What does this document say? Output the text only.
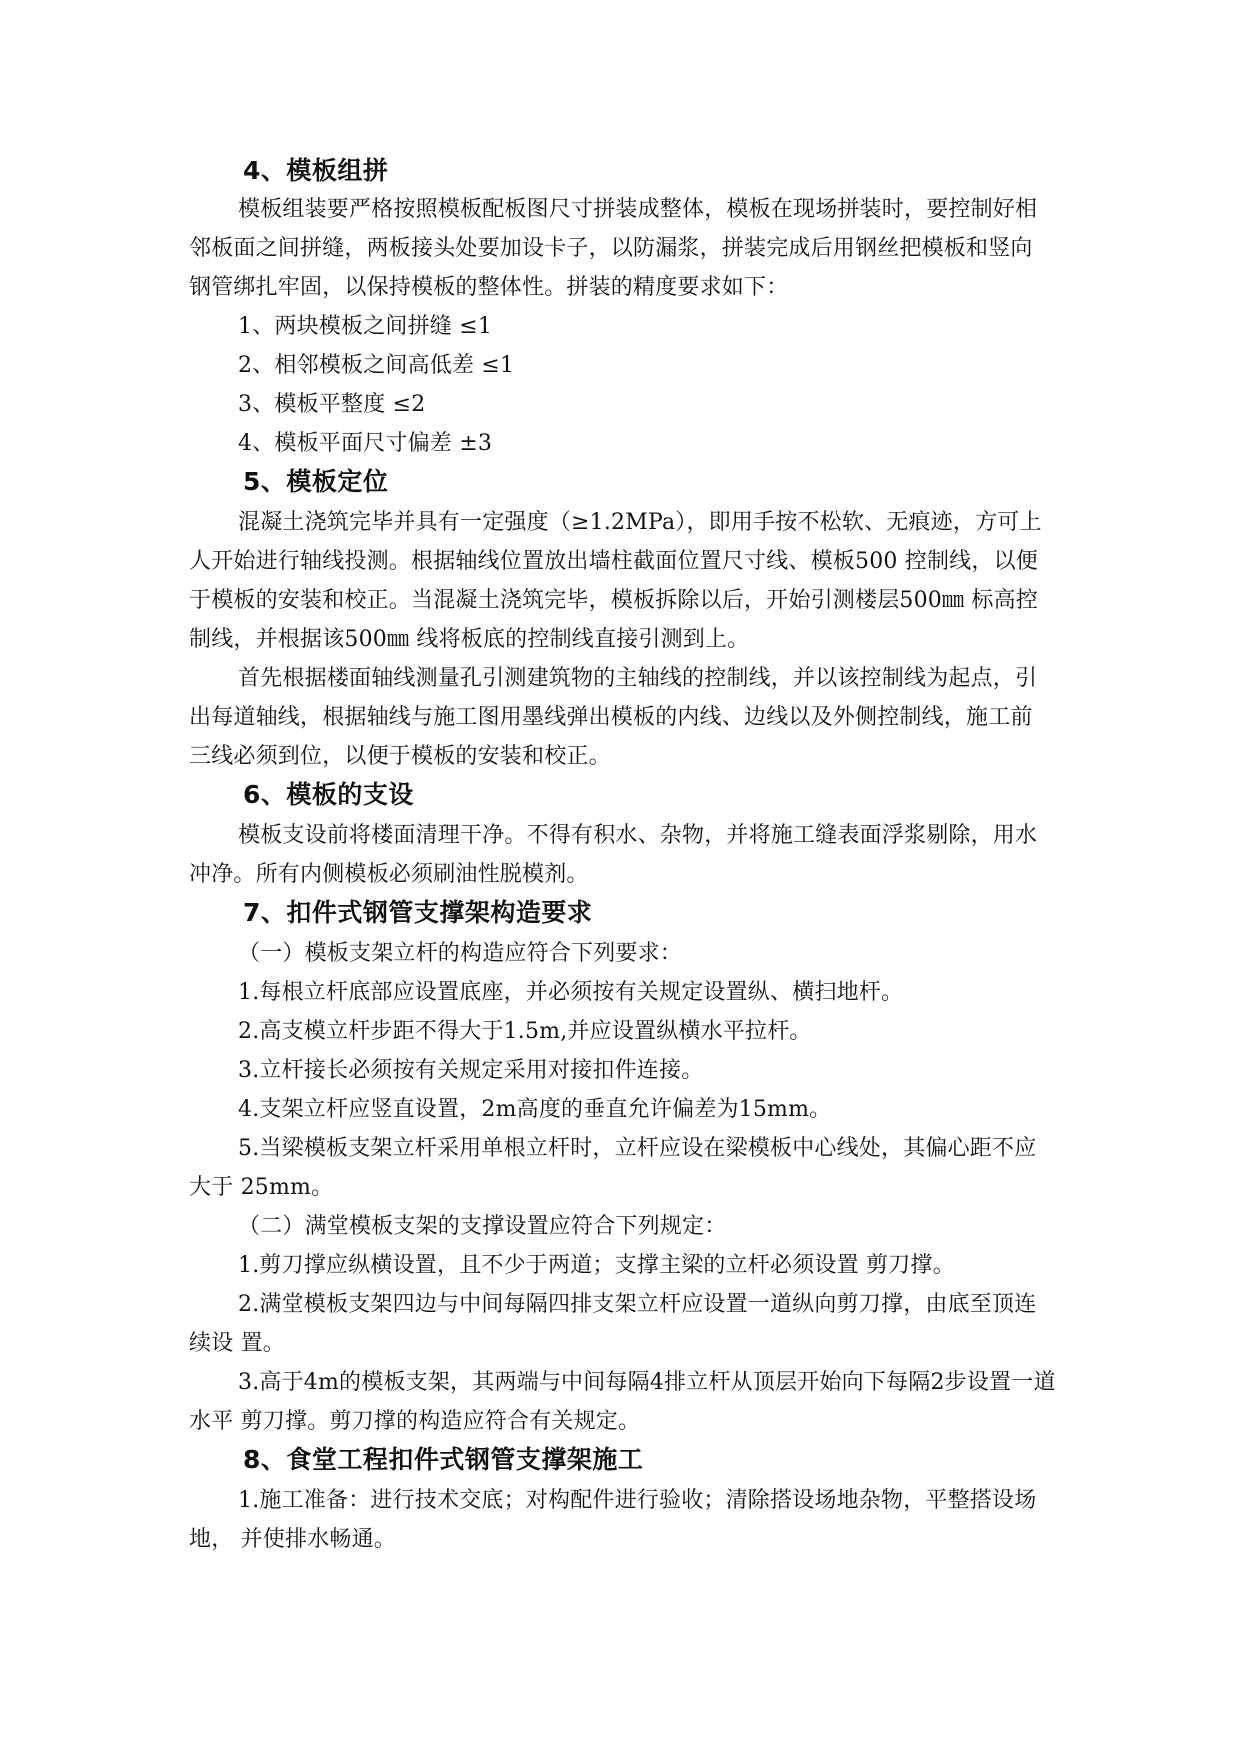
4、模板组拼
模板组装要严格按照模板配板图尺寸拼装成整体，模板在现场拼装时，要控制好相
邻板面之间拼缝，两板接头处要加设卡子，以防漏浆，拼装完成后用钢丝把模板和竖向
钢管绑扎牢固，以保持模板的整体性。拼装的精度要求如下：
1、两块模板之间拼缝 ≤1
2、相邻模板之间高低差 ≤1
3、模板平整度 ≤2
4、模板平面尺寸偏差 ±3
5、模板定位
混凝土浇筑完毕并具有一定强度（≥1.2MPa），即用手按不松软、无痕迹，方可上
人开始进行轴线投测。根据轴线位置放出墙柱截面位置尺寸线、模板500 控制线，以便
于模板的安装和校正。当混凝土浇筑完毕，模板拆除以后，开始引测楼层500㎜ 标高控
制线，并根据该500㎜ 线将板底的控制线直接引测到上。
首先根据楼面轴线测量孔引测建筑物的主轴线的控制线，并以该控制线为起点，引
出每道轴线，根据轴线与施工图用墨线弹出模板的内线、边线以及外侧控制线，施工前
三线必须到位，以便于模板的安装和校正。
6、模板的支设
模板支设前将楼面清理干净。不得有积水、杂物，并将施工缝表面浮浆剔除，用水
冲净。所有内侧模板必须刷油性脱模剂。
7、扣件式钢管支撑架构造要求
（一）模板支架立杆的构造应符合下列要求：
1.每根立杆底部应设置底座，并必须按有关规定设置纵、横扫地杆。
2.高支模立杆步距不得大于1.5m,并应设置纵横水平拉杆。
3.立杆接长必须按有关规定采用对接扣件连接。
4.支架立杆应竖直设置，2m高度的垂直允许偏差为15mm。
5.当梁模板支架立杆采用单根立杆时，立杆应设在梁模板中心线处，其偏心距不应
大于 25mm。
（二）满堂模板支架的支撑设置应符合下列规定：
1.剪刀撑应纵横设置，且不少于两道；支撑主梁的立杆必须设置 剪刀撑。
2.满堂模板支架四边与中间每隔四排支架立杆应设置一道纵向剪刀撑，由底至顶连
续设 置。
3.高于4m的模板支架，其两端与中间每隔4排立杆从顶层开始向下每隔2步设置一道
水平 剪刀撑。剪刀撑的构造应符合有关规定。
8、食堂工程扣件式钢管支撑架施工
1.施工准备：进行技术交底；对构配件进行验收；清除搭设场地杂物，平整搭设场
地， 并使排水畅通。
